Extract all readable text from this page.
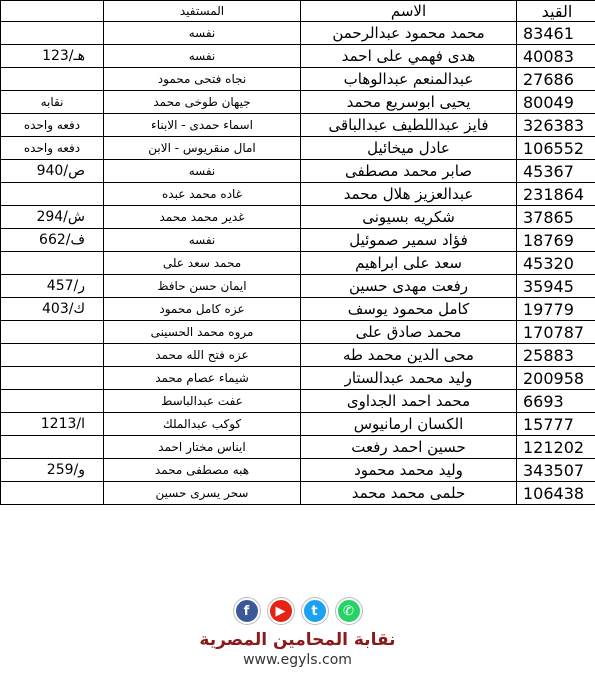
	المستفيد	الاسم	القيد
	نفسه	محمد محمود عبدالرحمن	83461
123/هـ	نفسه	هدى فهمي على احمد	40083
	نجاه فتحى محمود	عبدالمنعم عبدالوهاب	27686
نقابه	جيهان طوخى محمد	يحيى ابوسريع محمد	80049
دفعه واحده	اسماء حمدى - الابناء	فايز عبداللطيف عبدالباقى	326383
دفعه واحده	امال منقريوس - الابن	عادل ميخائيل	106552
940/ص	نفسه	صابر محمد مصطفى	45367
	غاده محمد عبده	عبدالعزيز هلال محمد	231864
294/ش	غدير محمد محمد	شكريه بسيونى	37865
662/ف	نفسه	فؤاد سمير صموئيل	18769
	محمد سعد على	سعد على ابراهيم	45320
457/ر	ايمان حسن حافظ	رفعت مهدى حسين	35945
403/ك	عزه كامل محمود	كامل محمود يوسف	19779
	مروه محمد الحسينى	محمد صادق على	170787
	عزه فتح الله محمد	محى الدين محمد طه	25883
	شيماء عصام محمد	وليد محمد عبدالستار	200958
	عفت عبدالباسط	محمد احمد الجداوى	6693
1213/ا	كوكب عبدالملك	الكسان ارمانيوس	15777
	ايناس مختار احمد	حسين احمد رفعت	121202
259/و	هبه مصطفى محمد	وليد محمد محمود	343507
	سحر يسرى حسين	حلمى محمد محمد	106438
f	▶	t	✆
نقابة المحامين المصرية
www.egyls.com
